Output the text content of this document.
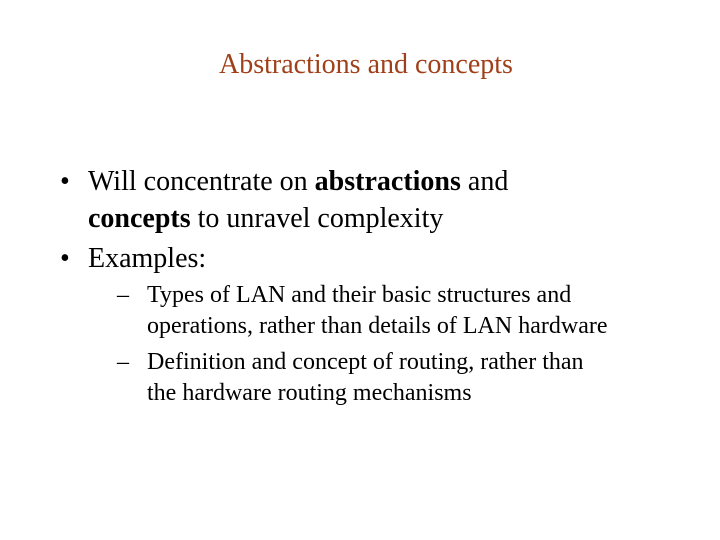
Abstractions and concepts
• Will concentrate on abstractions and
concepts to unravel complexity
• Examples:
– Types of LAN and their basic structures and
operations, rather than details of LAN hardware
– Definition and concept of routing, rather than
the hardware routing mechanisms
